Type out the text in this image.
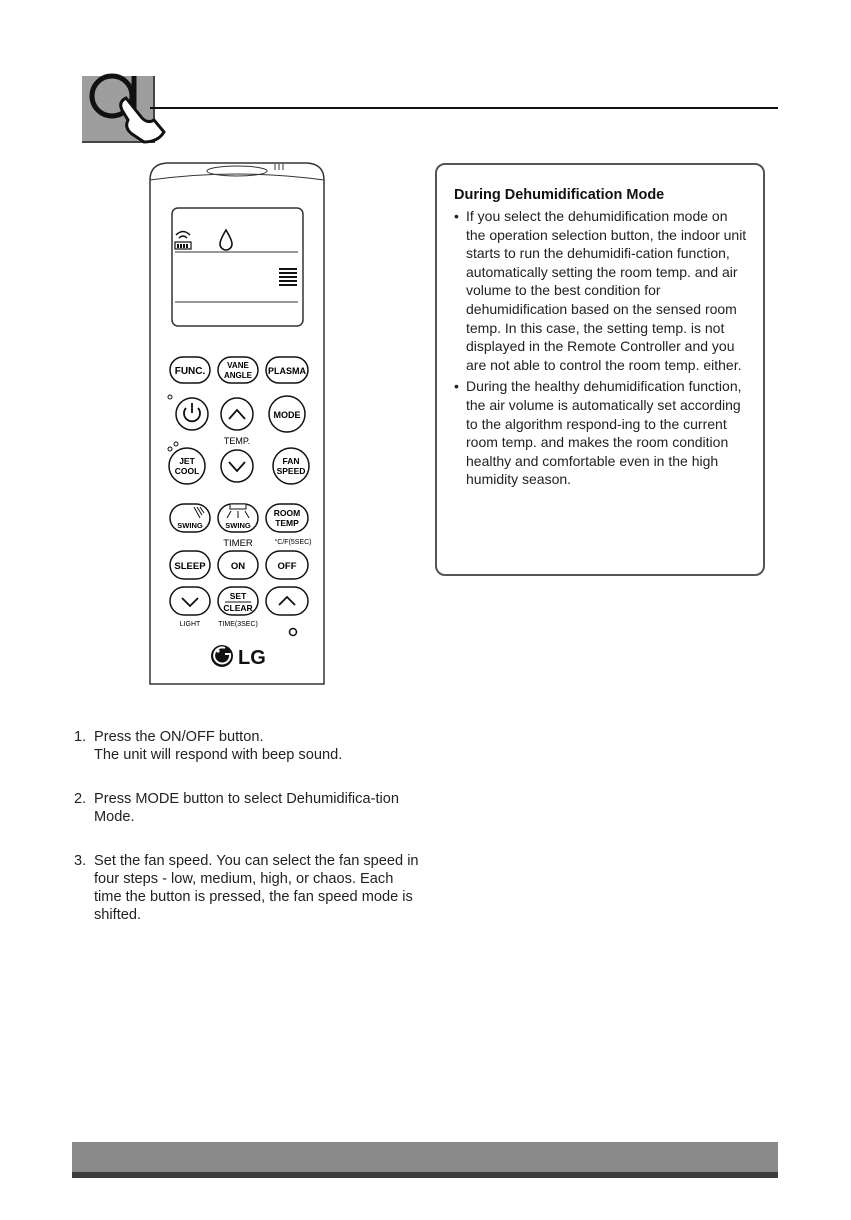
FUNC.
VANE
ANGLE PLASMA
MODE
TEMP.
JET
COOL
FAN
SPEED
SWING	SWING
ROOM
TEMP
TIMER	°C/F(5SEC)
SLEEP	ON	OFF
SET
CLEAR
LIGHT	TIME(3SEC)
LG
During Dehumidification Mode
• If you select the dehumidification mode on the operation selection button, the indoor unit starts to run the dehumidifi-cation function, automatically setting the room temp. and air volume to the best condition for dehumidification based on the sensed room temp. In this case, the setting temp. is not displayed in the Remote Controller and you are not able to control the room temp. either.
• During the healthy dehumidification function, the air volume is automatically set according to the algorithm respond-ing to the current room temp. and makes the room condition healthy and comfortable even in the high humidity season.
1. Press the ON/OFF button.
The unit will respond with beep sound.
2. Press MODE button to select Dehumidifica-tion Mode.
3. Set the fan speed. You can select the fan speed in four steps - low, medium, high, or chaos. Each time the button is pressed, the fan speed mode is shifted.
